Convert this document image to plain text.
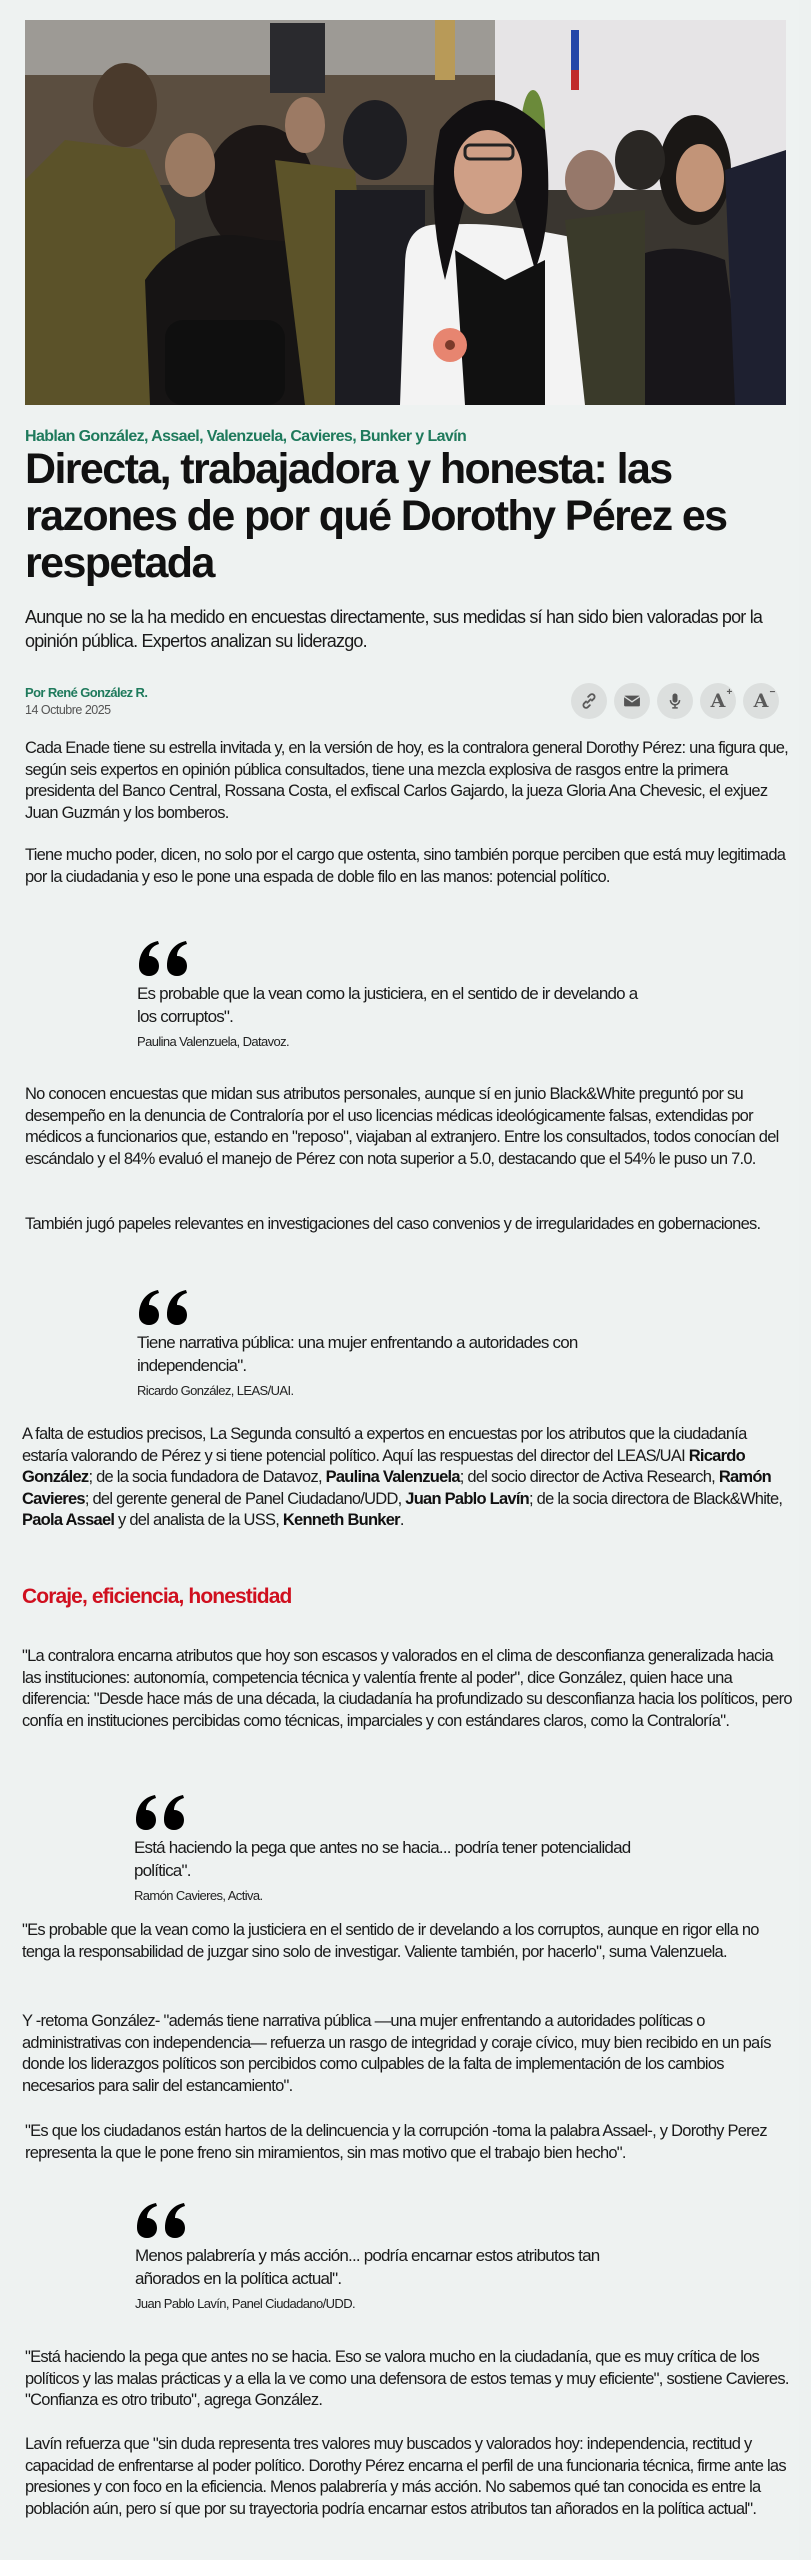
Hablan González, Assael, Valenzuela, Cavieres, Bunker y Lavín
Directa, trabajadora y honesta: las razones de por qué Dorothy Pérez es respetada

Aunque no se la ha medido en encuestas directamente, sus medidas sí han sido bien valoradas por la opinión pública. Expertos analizan su liderazgo.

Por René González R.
14 Octubre 2025	A + A −

Cada Enade tiene su estrella invitada y, en la versión de hoy, es la contralora general Dorothy Pérez: una figura que, según seis expertos en opinión pública consultados, tiene una mezcla explosiva de rasgos entre la primera presidenta del Banco Central, Rossana Costa, el exfiscal Carlos Gajardo, la jueza Gloria Ana Chevesic, el exjuez Juan Guzmán y los bomberos.

Tiene mucho poder, dicen, no solo por el cargo que ostenta, sino también porque perciben que está muy legitimada por la ciudadania y eso le pone una espada de doble filo en las manos: potencial político.

Es probable que la vean como la justiciera, en el sentido de ir develando a los corruptos".

Paulina Valenzuela, Datavoz.

No conocen encuestas que midan sus atributos personales, aunque sí en junio Black&White preguntó por su desempeño en la denuncia de Contraloría por el uso licencias médicas ideológicamente falsas, extendidas por médicos a funcionarios que, estando en "reposo", viajaban al extranjero. Entre los consultados, todos conocían del escándalo y el 84% evaluó el manejo de Pérez con nota superior a 5.0, destacando que el 54% le puso un 7.0.

También jugó papeles relevantes en investigaciones del caso convenios y de irregularidades en gobernaciones.

Tiene narrativa pública: una mujer enfrentando a autoridades con independencia".

Ricardo González, LEAS/UAI.

A falta de estudios precisos, La Segunda consultó a expertos en encuestas por los atributos que la ciudadanía estaría valorando de Pérez y si tiene potencial político. Aquí las respuestas del director del LEAS/UAI Ricardo González; de la socia fundadora de Datavoz, Paulina Valenzuela; del socio director de Activa Research, Ramón Cavieres; del gerente general de Panel Ciudadano/UDD, Juan Pablo Lavín; de la socia directora de Black&White, Paola Assael y del analista de la USS, Kenneth Bunker.

Coraje, eficiencia, honestidad

"La contralora encarna atributos que hoy son escasos y valorados en el clima de desconfianza generalizada hacia las instituciones: autonomía, competencia técnica y valentía frente al poder", dice González, quien hace una diferencia: "Desde hace más de una década, la ciudadanía ha profundizado su desconfianza hacia los políticos, pero confía en instituciones percibidas como técnicas, imparciales y con estándares claros, como la Contraloría".

Está haciendo la pega que antes no se hacia... podría tener potencialidad política".

Ramón Cavieres, Activa.

"Es probable que la vean como la justiciera en el sentido de ir develando a los corruptos, aunque en rigor ella no tenga la responsabilidad de juzgar sino solo de investigar. Valiente también, por hacerlo", suma Valenzuela.

Y -retoma González- "además tiene narrativa pública —una mujer enfrentando a autoridades políticas o administrativas con independencia— refuerza un rasgo de integridad y coraje cívico, muy bien recibido en un país donde los liderazgos políticos son percibidos como culpables de la falta de implementación de los cambios necesarios para salir del estancamiento".

"Es que los ciudadanos están hartos de la delincuencia y la corrupción -toma la palabra Assael-, y Dorothy Perez representa la que le pone freno sin miramientos, sin mas motivo que el trabajo bien hecho".

Menos palabrería y más acción... podría encarnar estos atributos tan añorados en la política actual".

Juan Pablo Lavín, Panel Ciudadano/UDD.

"Está haciendo la pega que antes no se hacia. Eso se valora mucho en la ciudadanía, que es muy crítica de los políticos y las malas prácticas y a ella la ve como una defensora de estos temas y muy eficiente", sostiene Cavieres. "Confianza es otro tributo", agrega González.

Lavín refuerza que "sin duda representa tres valores muy buscados y valorados hoy: independencia, rectitud y capacidad de enfrentarse al poder político. Dorothy Pérez encarna el perfil de una funcionaria técnica, firme ante las presiones y con foco en la eficiencia. Menos palabrería y más acción. No sabemos qué tan conocida es entre la población aún, pero sí que por su trayectoria podría encarnar estos atributos tan añorados en la política actual".
